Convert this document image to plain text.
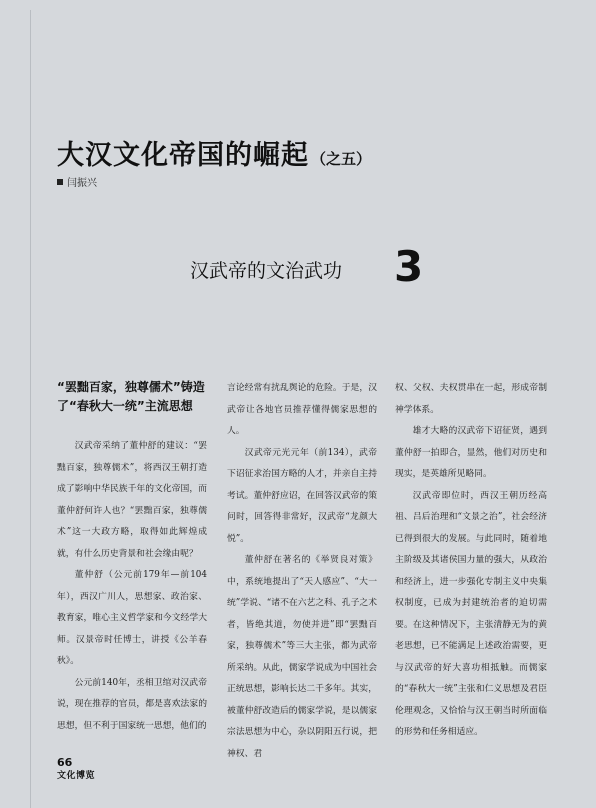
大汉文化帝国的崛起 （之五）
闫振兴
汉武帝的文治武功 3
“罢黜百家，独尊儒术”铸造了“春秋大一统”主流思想

汉武帝采纳了董仲舒的建议：“罢黜百家，独尊儒术”，将西汉王朝打造成了影响中华民族千年的文化帝国，而董仲舒何许人也？“罢黜百家，独尊儒术”这一大政方略，取得如此辉煌成就，有什么历史背景和社会缘由呢？

董仲舒（公元前179年—前104年），西汉广川人，思想家、政治家、教育家，唯心主义哲学家和今文经学大师。汉景帝时任博士，讲授《公羊春秋》。

公元前140年，丞相卫绾对汉武帝说，现在推荐的官员，都是喜欢法家的思想，但不利于国家统一思想，他们的

言论经常有扰乱舆论的危险。于是，汉武帝让各地官员推荐懂得儒家思想的人。

汉武帝元光元年（前134），武帝下诏征求治国方略的人才，并亲自主持考试。董仲舒应诏，在回答汉武帝的策问时，回答得非常好，汉武帝“龙颜大悦”。

董仲舒在著名的《举贤良对策》中，系统地提出了“天人感应”、“大一统”学说、“诸不在六艺之科、孔子之术者，皆绝其道，勿使并进”即“罢黜百家，独尊儒术”等三大主张，都为武帝所采纳。从此，儒家学说成为中国社会正统思想，影响长达二千多年。其实，被董仲舒改造后的儒家学说，是以儒家宗法思想为中心，杂以阴阳五行说，把神权、君

权、父权、夫权贯串在一起，形成帝制神学体系。

雄才大略的汉武帝下诏征贤，遇到董仲舒一拍即合，显然，他们对历史和现实，是英雄所见略同。

汉武帝即位时，西汉王朝历经高祖、吕后治理和“文景之治”，社会经济已得到很大的发展。与此同时，随着地主阶级及其诸侯国力量的强大，从政治和经济上，进一步强化专制主义中央集权制度，已成为封建统治者的迫切需要。在这种情况下，主张清静无为的黄老思想，已不能满足上述政治需要，更与汉武帝的好大喜功相抵触。而儒家的“春秋大一统”主张和仁义思想及君臣伦理观念，又恰恰与汉王朝当时所面临的形势和任务相适应。

66
文化博览
